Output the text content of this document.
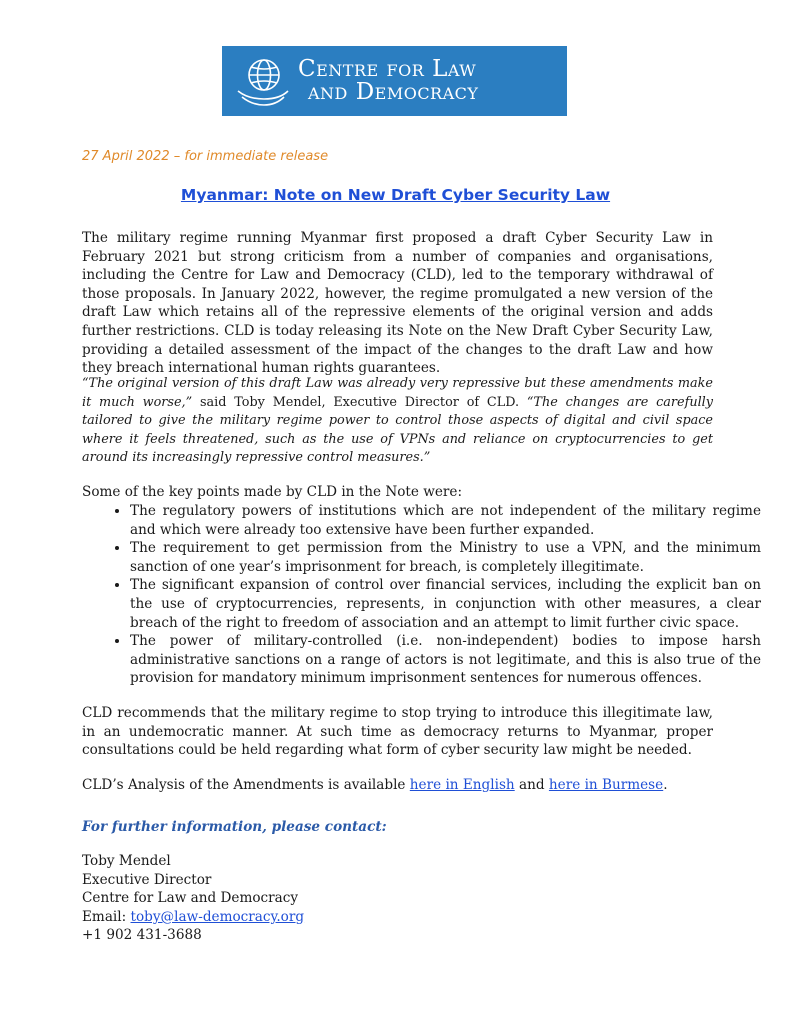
Centre for Law
and Democracy
27 April 2022 – for immediate release
Myanmar: Note on New Draft Cyber Security Law

The military regime running Myanmar first proposed a draft Cyber Security Law in February 2021 but strong criticism from a number of companies and organisations, including the Centre for Law and Democracy (CLD), led to the temporary withdrawal of those proposals. In January 2022, however, the regime promulgated a new version of the draft Law which retains all of the repressive elements of the original version and adds further restrictions. CLD is today releasing its Note on the New Draft Cyber Security Law, providing a detailed assessment of the impact of the changes to the draft Law and how they breach international human rights guarantees.

“The original version of this draft Law was already very repressive but these amendments make it much worse,” said Toby Mendel, Executive Director of CLD. “The changes are carefully tailored to give the military regime power to control those aspects of digital and civil space where it feels threatened, such as the use of VPNs and reliance on cryptocurrencies to get around its increasingly repressive control measures.”

Some of the key points made by CLD in the Note were:

• The regulatory powers of institutions which are not independent of the military regime and which were already too extensive have been further expanded.
• The requirement to get permission from the Ministry to use a VPN, and the minimum sanction of one year’s imprisonment for breach, is completely illegitimate.
• The significant expansion of control over financial services, including the explicit ban on the use of cryptocurrencies, represents, in conjunction with other measures, a clear breach of the right to freedom of association and an attempt to limit further civic space.
• The power of military-controlled (i.e. non-independent) bodies to impose harsh administrative sanctions on a range of actors is not legitimate, and this is also true of the provision for mandatory minimum imprisonment sentences for numerous offences.

CLD recommends that the military regime to stop trying to introduce this illegitimate law, in an undemocratic manner. At such time as democracy returns to Myanmar, proper consultations could be held regarding what form of cyber security law might be needed.

CLD’s Analysis of the Amendments is available here in English and here in Burmese.

For further information, please contact:

Toby Mendel
Executive Director
Centre for Law and Democracy
Email: toby@law-democracy.org
+1 902 431-3688
